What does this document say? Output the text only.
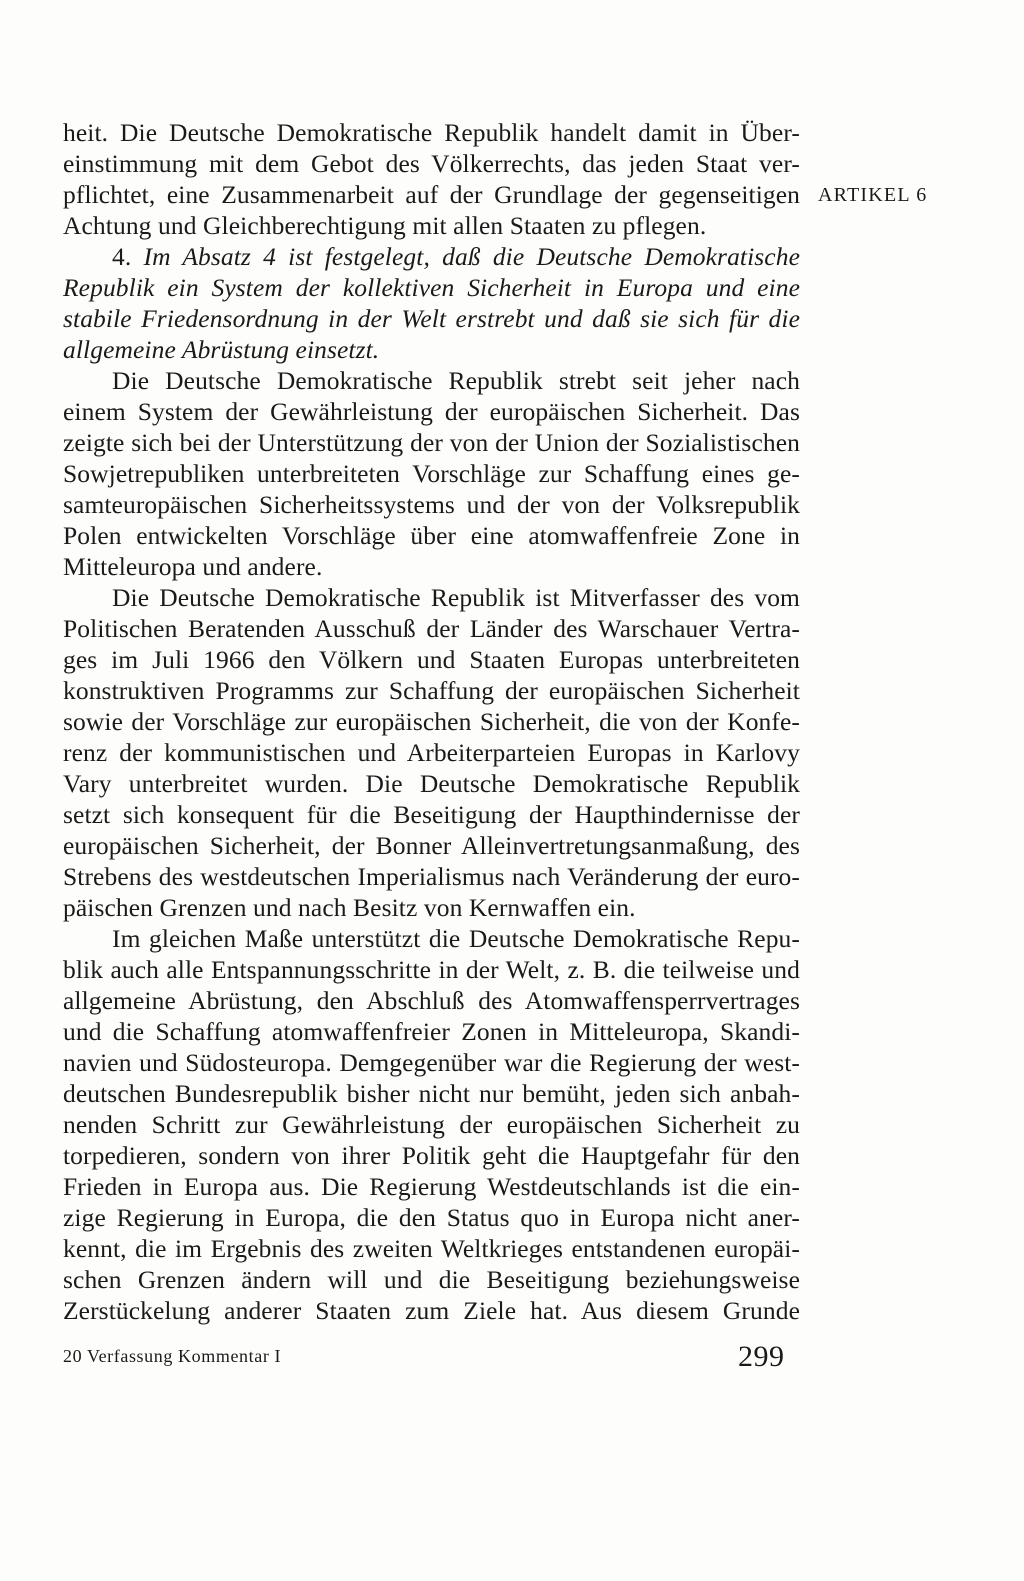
heit. Die Deutsche Demokratische Republik handelt damit in Über-
einstimmung mit dem Gebot des Völkerrechts, das jeden Staat ver-
pflichtet, eine Zusammenarbeit auf der Grundlage der gegenseitigen
Achtung und Gleichberechtigung mit allen Staaten zu pflegen.
ARTIKEL 6
4. Im Absatz 4 ist festgelegt, daß die Deutsche Demokratische
Republik ein System der kollektiven Sicherheit in Europa und eine
stabile Friedensordnung in der Welt erstrebt und daß sie sich für die
allgemeine Abrüstung einsetzt.
Die Deutsche Demokratische Republik strebt seit jeher nach
einem System der Gewährleistung der europäischen Sicherheit. Das
zeigte sich bei der Unterstützung der von der Union der Sozialistischen
Sowjetrepubliken unterbreiteten Vorschläge zur Schaffung eines ge-
samteuropäischen Sicherheitssystems und der von der Volksrepublik
Polen entwickelten Vorschläge über eine atomwaffenfreie Zone in
Mitteleuropa und andere.
Die Deutsche Demokratische Republik ist Mitverfasser des vom
Politischen Beratenden Ausschuß der Länder des Warschauer Vertra-
ges im Juli 1966 den Völkern und Staaten Europas unterbreiteten
konstruktiven Programms zur Schaffung der europäischen Sicherheit
sowie der Vorschläge zur europäischen Sicherheit, die von der Konfe-
renz der kommunistischen und Arbeiterparteien Europas in Karlovy
Vary unterbreitet wurden. Die Deutsche Demokratische Republik
setzt sich konsequent für die Beseitigung der Haupthindernisse der
europäischen Sicherheit, der Bonner Alleinvertretungsanmaßung, des
Strebens des westdeutschen Imperialismus nach Veränderung der euro-
päischen Grenzen und nach Besitz von Kernwaffen ein.
Im gleichen Maße unterstützt die Deutsche Demokratische Repu-
blik auch alle Entspannungsschritte in der Welt, z. B. die teilweise und
allgemeine Abrüstung, den Abschluß des Atomwaffensperrvertrages
und die Schaffung atomwaffenfreier Zonen in Mitteleuropa, Skandi-
navien und Südosteuropa. Demgegenüber war die Regierung der west-
deutschen Bundesrepublik bisher nicht nur bemüht, jeden sich anbah-
nenden Schritt zur Gewährleistung der europäischen Sicherheit zu
torpedieren, sondern von ihrer Politik geht die Hauptgefahr für den
Frieden in Europa aus. Die Regierung Westdeutschlands ist die ein-
zige Regierung in Europa, die den Status quo in Europa nicht aner-
kennt, die im Ergebnis des zweiten Weltkrieges entstandenen europäi-
schen Grenzen ändern will und die Beseitigung beziehungsweise
Zerstückelung anderer Staaten zum Ziele hat. Aus diesem Grunde
20 Verfassung Kommentar I	299
